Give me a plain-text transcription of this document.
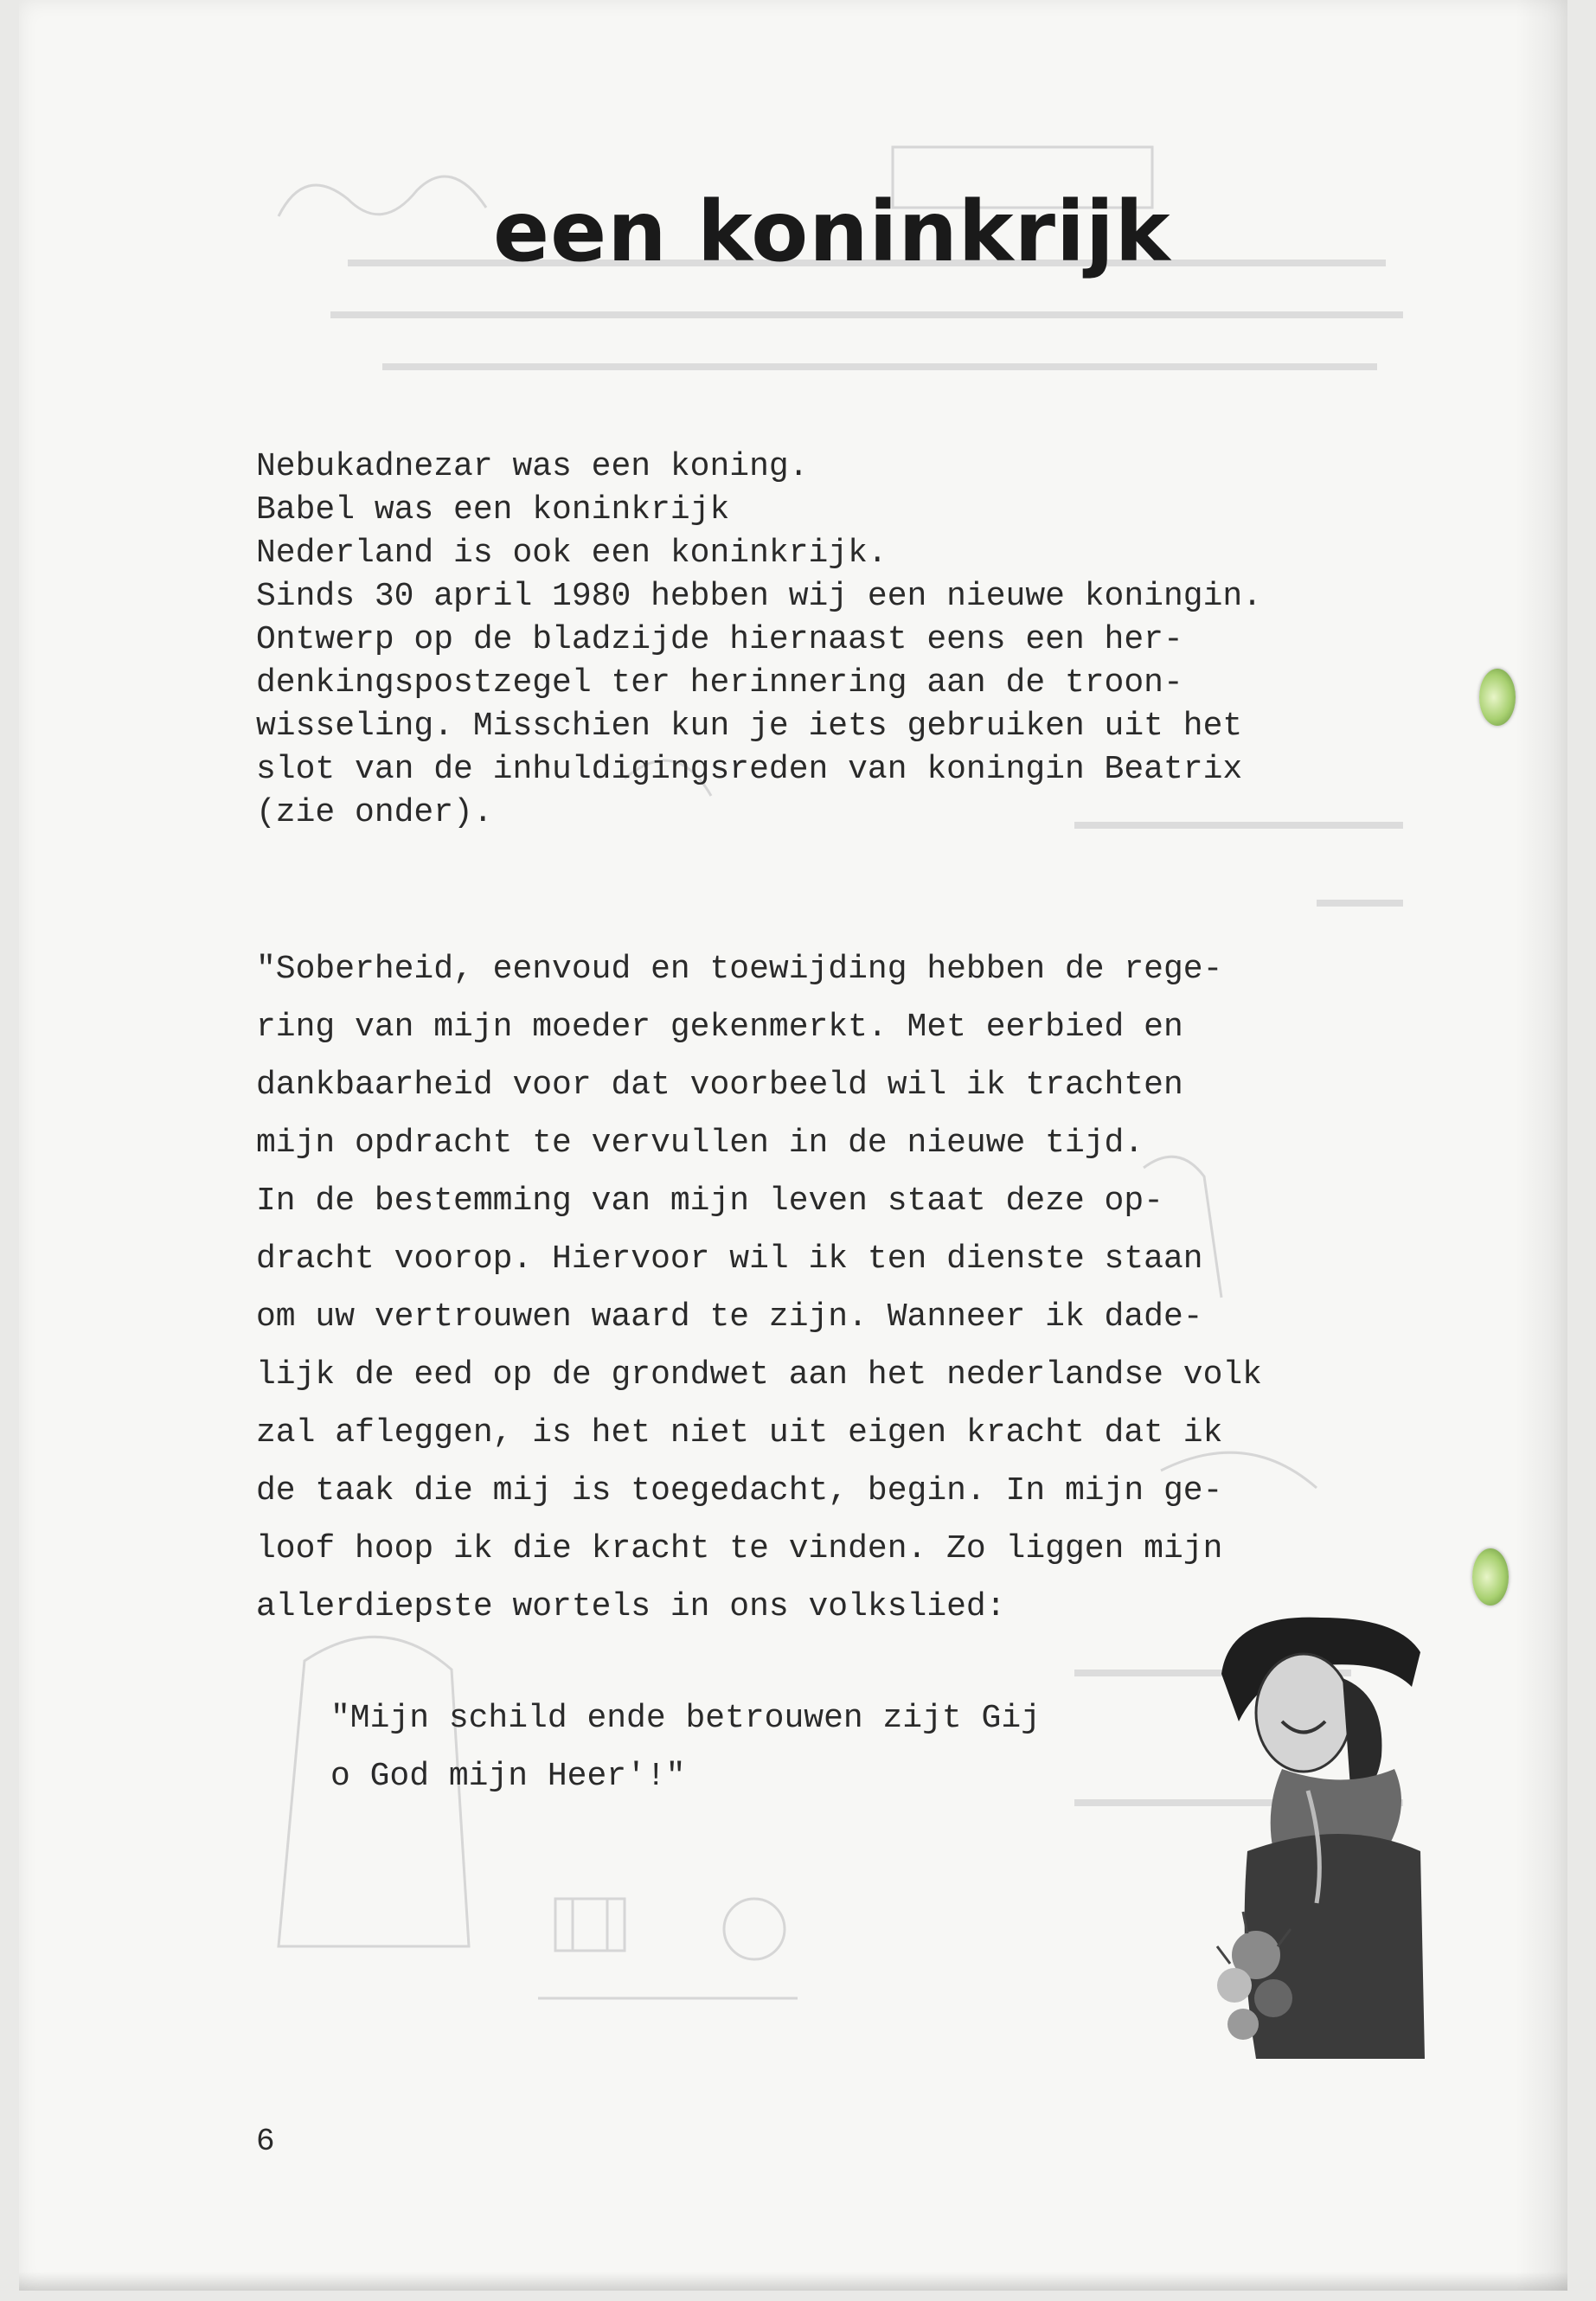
een koninkrijk

Nebukadnezar was een koning.

Babel was een koninkrijk

Nederland is ook een koninkrijk.

Sinds 30 april 1980 hebben wij een nieuwe koningin.

Ontwerp op de bladzijde hiernaast eens een her-

denkingspostzegel ter herinnering aan de troon-

wisseling. Misschien kun je iets gebruiken uit het

slot van de inhuldigingsreden van koningin Beatrix

(zie onder).

"Soberheid, eenvoud en toewijding hebben de rege-

ring van mijn moeder gekenmerkt. Met eerbied en

dankbaarheid voor dat voorbeeld wil ik trachten

mijn opdracht te vervullen in de nieuwe tijd.

In de bestemming van mijn leven staat deze op-

dracht voorop. Hiervoor wil ik ten dienste staan

om uw vertrouwen waard te zijn. Wanneer ik dade-

lijk de eed op de grondwet aan het nederlandse volk

zal afleggen, is het niet uit eigen kracht dat ik

de taak die mij is toegedacht, begin. In mijn ge-

loof hoop ik die kracht te vinden. Zo liggen mijn

allerdiepste wortels in ons volkslied:

"Mijn schild ende betrouwen zijt Gij

o God mijn Heer'!"

6
